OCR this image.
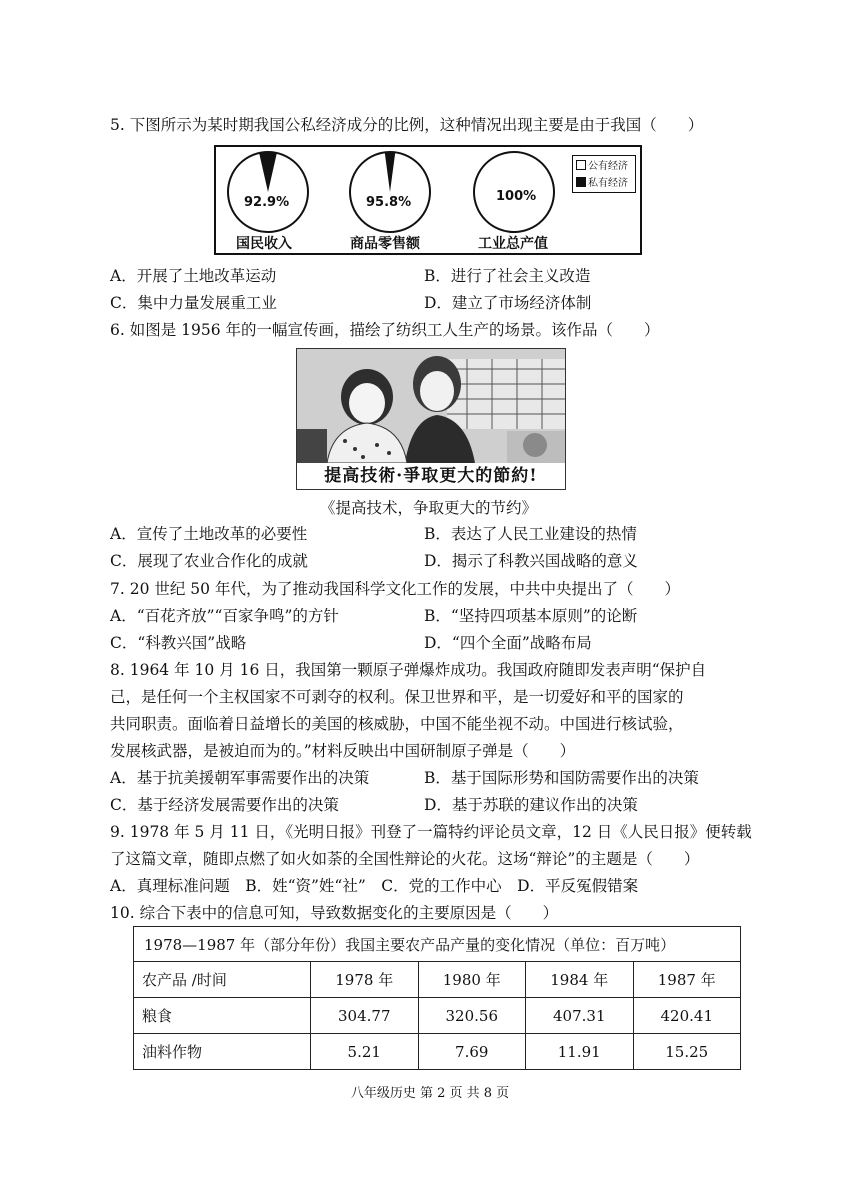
5. 下图所示为某时期我国公私经济成分的比例，这种情况出现主要是由于我国（　　）
92.9%	95.8%	100%
国民收入	商品零售额	工业总产值
公有经济
私有经济
A．开展了土地改革运动	B．进行了社会主义改造
C．集中力量发展重工业	D．建立了市场经济体制
6. 如图是 1956 年的一幅宣传画，描绘了纺织工人生产的场景。该作品（　　）
提高技術·爭取更大的節約!
《提高技术，争取更大的节约》
A．宣传了土地改革的必要性	B．表达了人民工业建设的热情
C．展现了农业合作化的成就	D．揭示了科教兴国战略的意义
7. 20 世纪 50 年代，为了推动我国科学文化工作的发展，中共中央提出了（　　）
A．“百花齐放”“百家争鸣”的方针	B．“坚持四项基本原则”的论断
C．“科教兴国”战略	D．“四个全面”战略布局
8. 1964 年 10 月 16 日，我国第一颗原子弹爆炸成功。我国政府随即发表声明“保护自
己，是任何一个主权国家不可剥夺的权利。保卫世界和平，是一切爱好和平的国家的
共同职责。面临着日益增长的美国的核威胁，中国不能坐视不动。中国进行核试验，
发展核武器，是被迫而为的。”材料反映出中国研制原子弹是（　　）
A．基于抗美援朝军事需要作出的决策	B．基于国际形势和国防需要作出的决策
C．基于经济发展需要作出的决策	D．基于苏联的建议作出的决策
9. 1978 年 5 月 11 日，《光明日报》刊登了一篇特约评论员文章，12 日《人民日报》便转载
了这篇文章，随即点燃了如火如荼的全国性辩论的火花。这场“辩论”的主题是（　　）
A．真理标准问题　B．姓“资”姓“社”　C．党的工作中心　D．平反冤假错案
10. 综合下表中的信息可知，导致数据变化的主要原因是（　　）
1978—1987 年（部分年份）我国主要农产品产量的变化情况（单位：百万吨）				
农产品 /时间	1978 年	1980 年	1984 年	1987 年
粮食	304.77	320.56	407.31	420.41
油料作物	5.21	7.69	11.91	15.25
八年级历史 第 2 页 共 8 页
